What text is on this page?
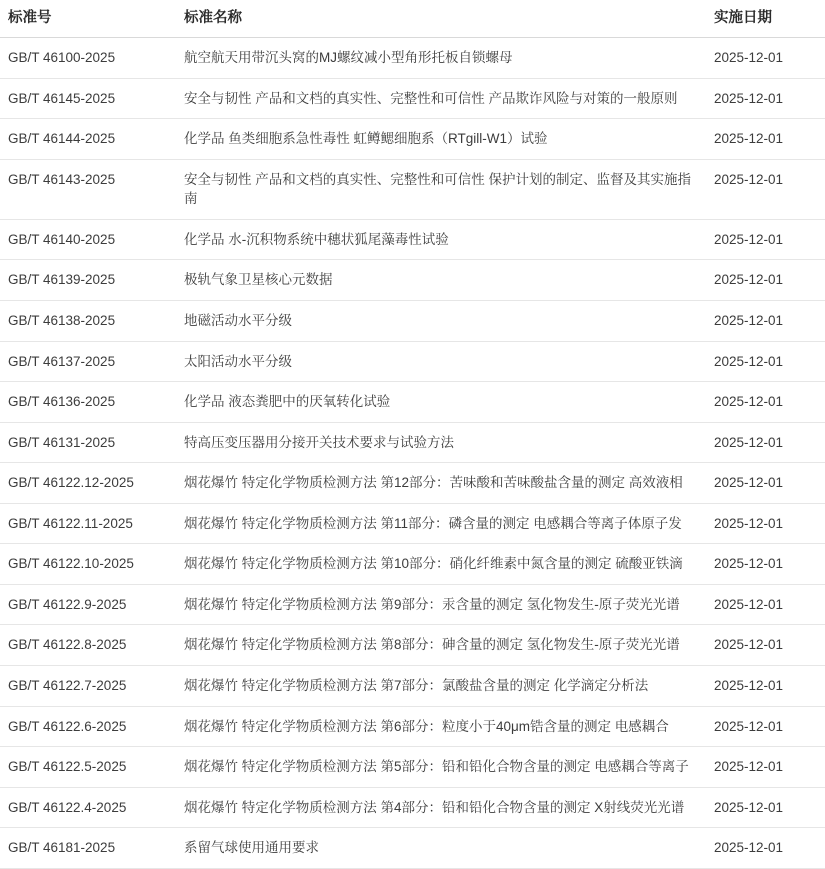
标准号	标准名称	实施日期
GB/T 46100-2025	航空航天用带沉头窝的MJ螺纹减小型角形托板自锁螺母	2025-12-01
GB/T 46145-2025	安全与韧性 产品和文档的真实性、完整性和可信性 产品欺诈风险与对策的一般原则	2025-12-01
GB/T 46144-2025	化学品 鱼类细胞系急性毒性 虹鳟鳃细胞系（RTgill-W1）试验	2025-12-01
GB/T 46143-2025	安全与韧性 产品和文档的真实性、完整性和可信性 保护计划的制定、监督及其实施指南	2025-12-01
GB/T 46140-2025	化学品 水-沉积物系统中穗状狐尾藻毒性试验	2025-12-01
GB/T 46139-2025	极轨气象卫星核心元数据	2025-12-01
GB/T 46138-2025	地磁活动水平分级	2025-12-01
GB/T 46137-2025	太阳活动水平分级	2025-12-01
GB/T 46136-2025	化学品 液态粪肥中的厌氧转化试验	2025-12-01
GB/T 46131-2025	特高压变压器用分接开关技术要求与试验方法	2025-12-01
GB/T 46122.12-2025	烟花爆竹 特定化学物质检测方法 第12部分：苦味酸和苦味酸盐含量的测定 高效液相	2025-12-01
GB/T 46122.11-2025	烟花爆竹 特定化学物质检测方法 第11部分：磷含量的测定 电感耦合等离子体原子发	2025-12-01
GB/T 46122.10-2025	烟花爆竹 特定化学物质检测方法 第10部分：硝化纤维素中氮含量的测定 硫酸亚铁滴	2025-12-01
GB/T 46122.9-2025	烟花爆竹 特定化学物质检测方法 第9部分：汞含量的测定 氢化物发生-原子荧光光谱	2025-12-01
GB/T 46122.8-2025	烟花爆竹 特定化学物质检测方法 第8部分：砷含量的测定 氢化物发生-原子荧光光谱	2025-12-01
GB/T 46122.7-2025	烟花爆竹 特定化学物质检测方法 第7部分：氯酸盐含量的测定 化学滴定分析法	2025-12-01
GB/T 46122.6-2025	烟花爆竹 特定化学物质检测方法 第6部分：粒度小于40μm锆含量的测定 电感耦合	2025-12-01
GB/T 46122.5-2025	烟花爆竹 特定化学物质检测方法 第5部分：铅和铅化合物含量的测定 电感耦合等离子	2025-12-01
GB/T 46122.4-2025	烟花爆竹 特定化学物质检测方法 第4部分：铅和铅化合物含量的测定 X射线荧光光谱	2025-12-01
GB/T 46181-2025	系留气球使用通用要求	2025-12-01
